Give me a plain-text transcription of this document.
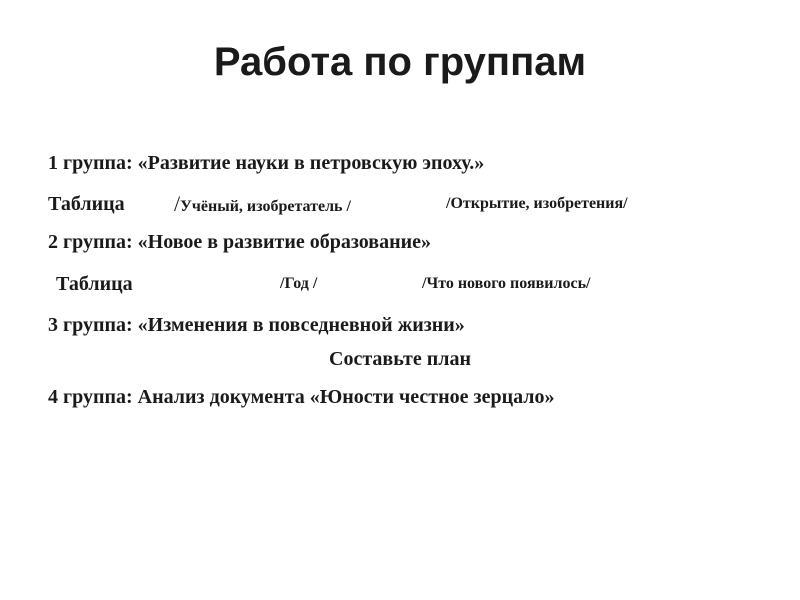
Работа по группам

1 группа: «Развитие науки в петровскую эпоху.»

Таблица /Учёный, изобретатель /	/Открытие, изобретения/

2 группа: «Новое в развитие образование»

Таблица	/Год /	/Что нового появилось/

3 группа: «Изменения в повседневной жизни»

Составьте план

4 группа: Анализ документа «Юности честное зерцало»
